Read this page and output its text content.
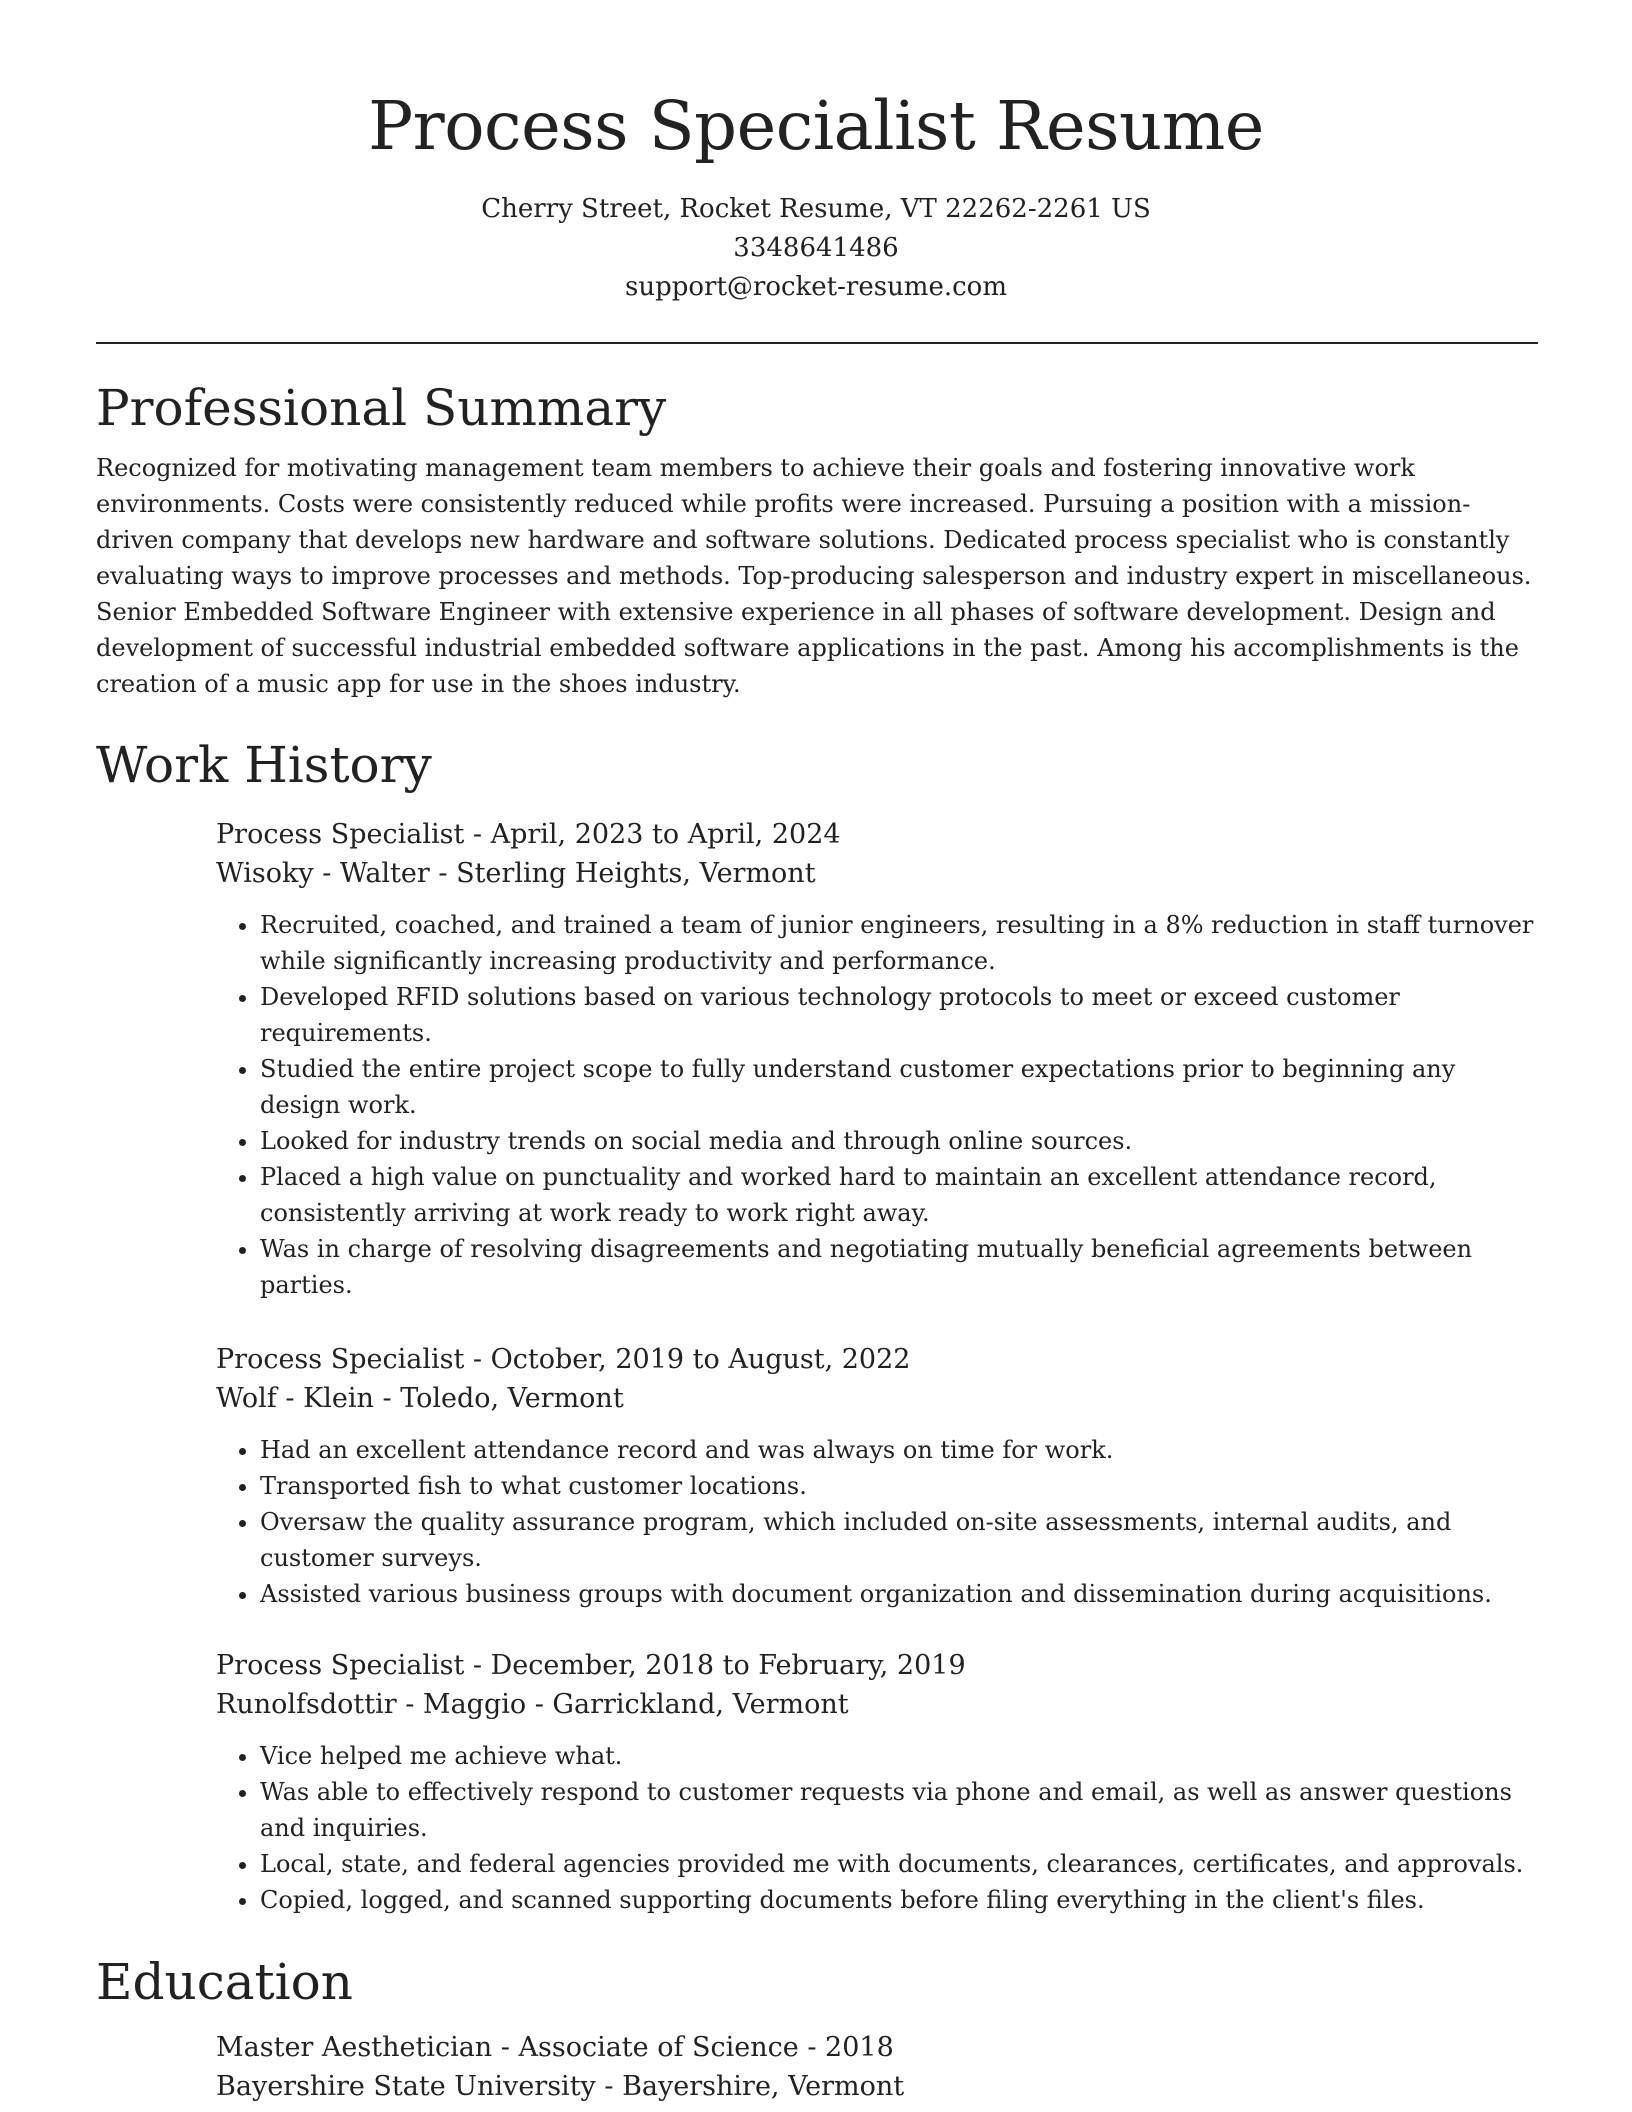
Process Specialist Resume
Cherry Street, Rocket Resume, VT 22262-2261 US
3348641486
support@rocket-resume.com
Professional Summary

Recognized for motivating management team members to achieve their goals and fostering innovative work environments. Costs were consistently reduced while profits were increased. Pursuing a position with a mission-driven company that develops new hardware and software solutions. Dedicated process specialist who is constantly evaluating ways to improve processes and methods. Top-producing salesperson and industry expert in miscellaneous. Senior Embedded Software Engineer with extensive experience in all phases of software development. Design and development of successful industrial embedded software applications in the past. Among his accomplishments is the creation of a music app for use in the shoes industry.

Work History

Process Specialist - April, 2023 to April, 2024

Wisoky - Walter - Sterling Heights, Vermont

• Recruited, coached, and trained a team of junior engineers, resulting in a 8% reduction in staff turnover while significantly increasing productivity and performance.
• Developed RFID solutions based on various technology protocols to meet or exceed customer requirements.
• Studied the entire project scope to fully understand customer expectations prior to beginning any design work.
• Looked for industry trends on social media and through online sources.
• Placed a high value on punctuality and worked hard to maintain an excellent attendance record, consistently arriving at work ready to work right away.
• Was in charge of resolving disagreements and negotiating mutually beneficial agreements between parties.

Process Specialist - October, 2019 to August, 2022

Wolf - Klein - Toledo, Vermont

• Had an excellent attendance record and was always on time for work.
• Transported fish to what customer locations.
• Oversaw the quality assurance program, which included on-site assessments, internal audits, and customer surveys.
• Assisted various business groups with document organization and dissemination during acquisitions.

Process Specialist - December, 2018 to February, 2019

Runolfsdottir - Maggio - Garrickland, Vermont

• Vice helped me achieve what.
• Was able to effectively respond to customer requests via phone and email, as well as answer questions and inquiries.
• Local, state, and federal agencies provided me with documents, clearances, certificates, and approvals.
• Copied, logged, and scanned supporting documents before filing everything in the client's files.
Education

Master Aesthetician - Associate of Science - 2018

Bayershire State University - Bayershire, Vermont
